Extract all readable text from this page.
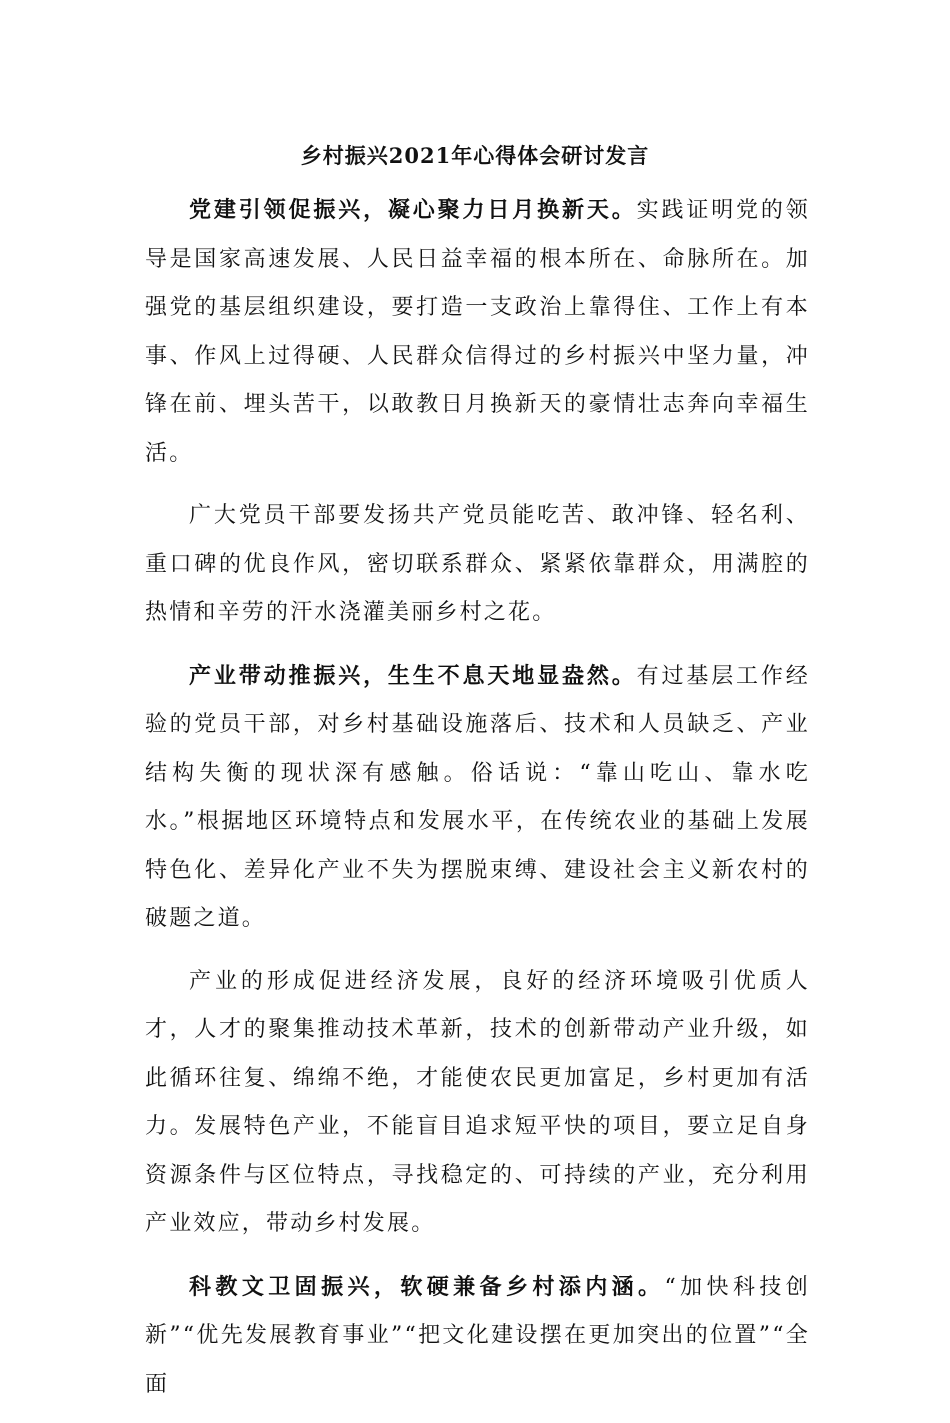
乡村振兴2021年心得体会研讨发言

党建引领促振兴，凝心聚力日月换新天。实践证明党的领导是国家高速发展、人民日益幸福的根本所在、命脉所在。加强党的基层组织建设，要打造一支政治上靠得住、工作上有本事、作风上过得硬、人民群众信得过的乡村振兴中坚力量，冲锋在前、埋头苦干，以敢教日月换新天的豪情壮志奔向幸福生活。

广大党员干部要发扬共产党员能吃苦、敢冲锋、轻名利、重口碑的优良作风，密切联系群众、紧紧依靠群众，用满腔的热情和辛劳的汗水浇灌美丽乡村之花。

产业带动推振兴，生生不息天地显盎然。有过基层工作经验的党员干部，对乡村基础设施落后、技术和人员缺乏、产业结构失衡的现状深有感触。俗话说：“靠山吃山、靠水吃水。”根据地区环境特点和发展水平，在传统农业的基础上发展特色化、差异化产业不失为摆脱束缚、建设社会主义新农村的破题之道。

产业的形成促进经济发展，良好的经济环境吸引优质人才，人才的聚集推动技术革新，技术的创新带动产业升级，如此循环往复、绵绵不绝，才能使农民更加富足，乡村更加有活力。发展特色产业，不能盲目追求短平快的项目，要立足自身资源条件与区位特点，寻找稳定的、可持续的产业，充分利用产业效应，带动乡村发展。

科教文卫固振兴，软硬兼备乡村添内涵。“加快科技创新”“优先发展教育事业”“把文化建设摆在更加突出的位置”“全面
